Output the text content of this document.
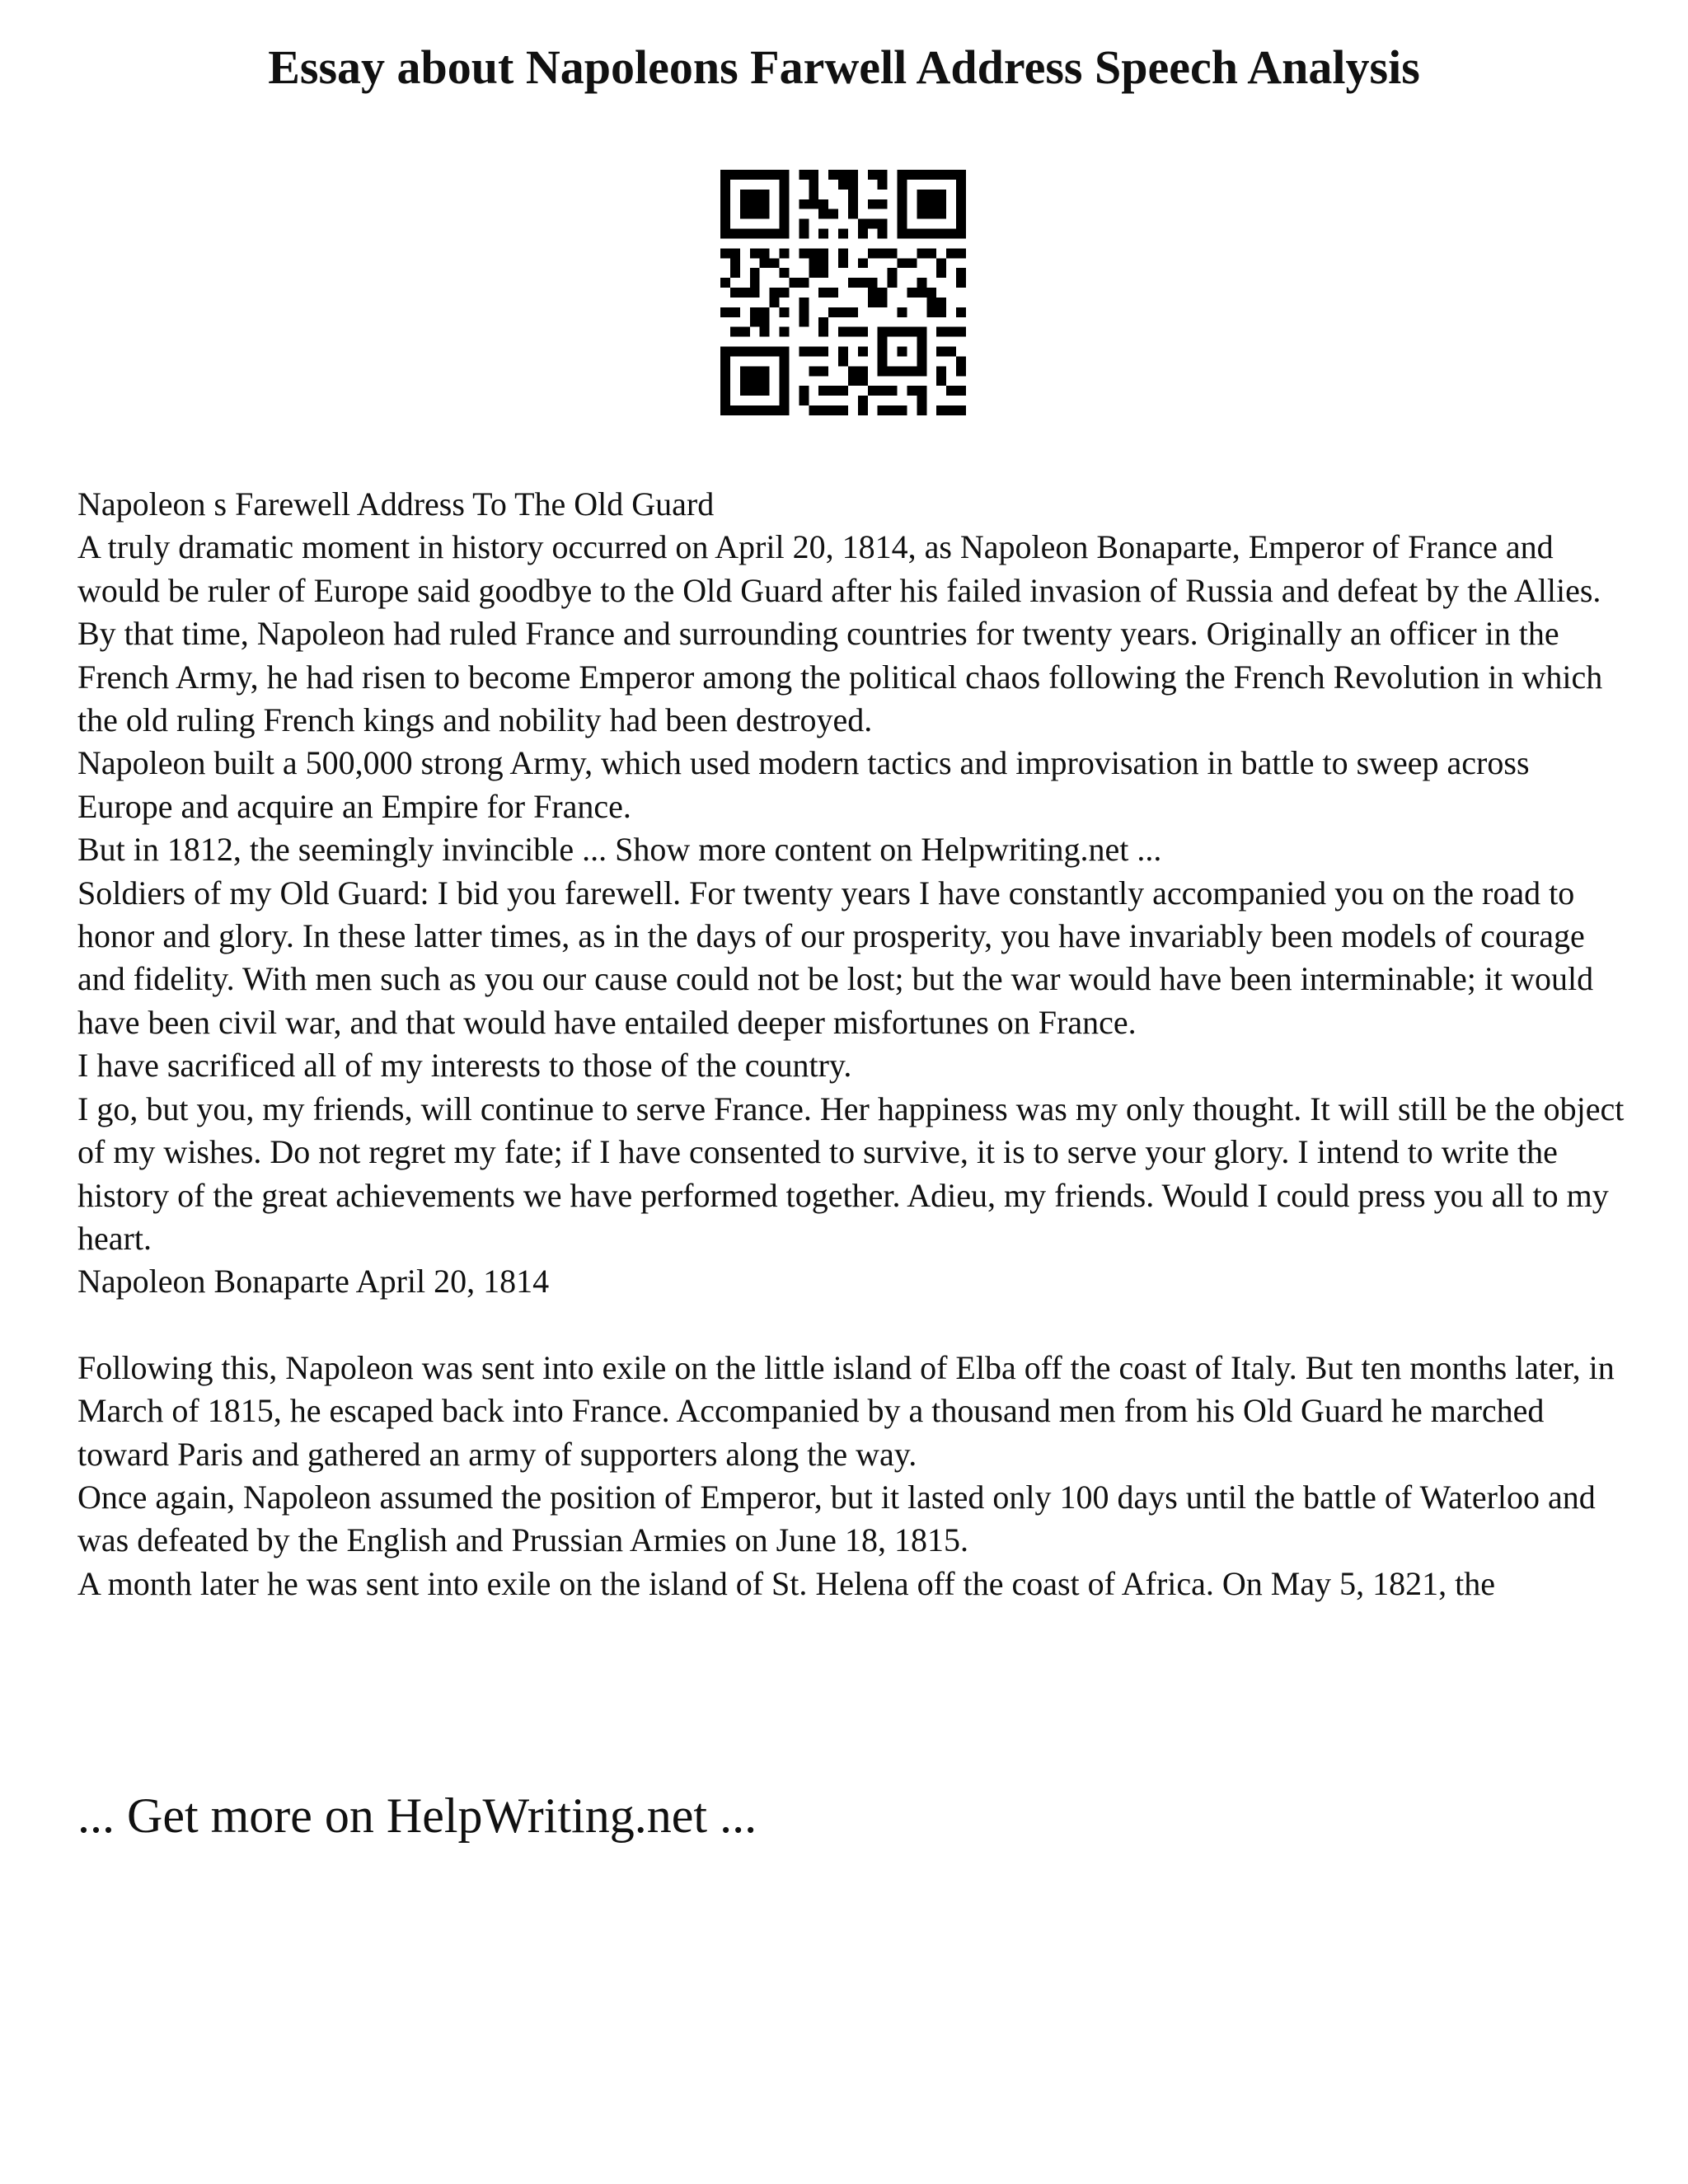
Essay about Napoleons Farwell Address Speech Analysis

Napoleon s Farewell Address To The Old Guard

A truly dramatic moment in history occurred on April 20, 1814, as Napoleon Bonaparte, Emperor of France and would be ruler of Europe said goodbye to the Old Guard after his failed invasion of Russia and defeat by the Allies.

By that time, Napoleon had ruled France and surrounding countries for twenty years. Originally an officer in the French Army, he had risen to become Emperor among the political chaos following the French Revolution in which the old ruling French kings and nobility had been destroyed.

Napoleon built a 500,000 strong Army, which used modern tactics and improvisation in battle to sweep across Europe and acquire an Empire for France.

But in 1812, the seemingly invincible ... Show more content on Helpwriting.net ...

Soldiers of my Old Guard: I bid you farewell. For twenty years I have constantly accompanied you on the road to honor and glory. In these latter times, as in the days of our prosperity, you have invariably been models of courage and fidelity. With men such as you our cause could not be lost; but the war would have been interminable; it would have been civil war, and that would have entailed deeper misfortunes on France.

I have sacrificed all of my interests to those of the country.

I go, but you, my friends, will continue to serve France. Her happiness was my only thought. It will still be the object of my wishes. Do not regret my fate; if I have consented to survive, it is to serve your glory. I intend to write the history of the great achievements we have performed together. Adieu, my friends. Would I could press you all to my heart.

Napoleon Bonaparte April 20, 1814

Following this, Napoleon was sent into exile on the little island of Elba off the coast of Italy. But ten months later, in March of 1815, he escaped back into France. Accompanied by a thousand men from his Old Guard he marched toward Paris and gathered an army of supporters along the way.

Once again, Napoleon assumed the position of Emperor, but it lasted only 100 days until the battle of Waterloo and was defeated by the English and Prussian Armies on June 18, 1815.

A month later he was sent into exile on the island of St. Helena off the coast of Africa. On May 5, 1821, the

... Get more on HelpWriting.net ...
